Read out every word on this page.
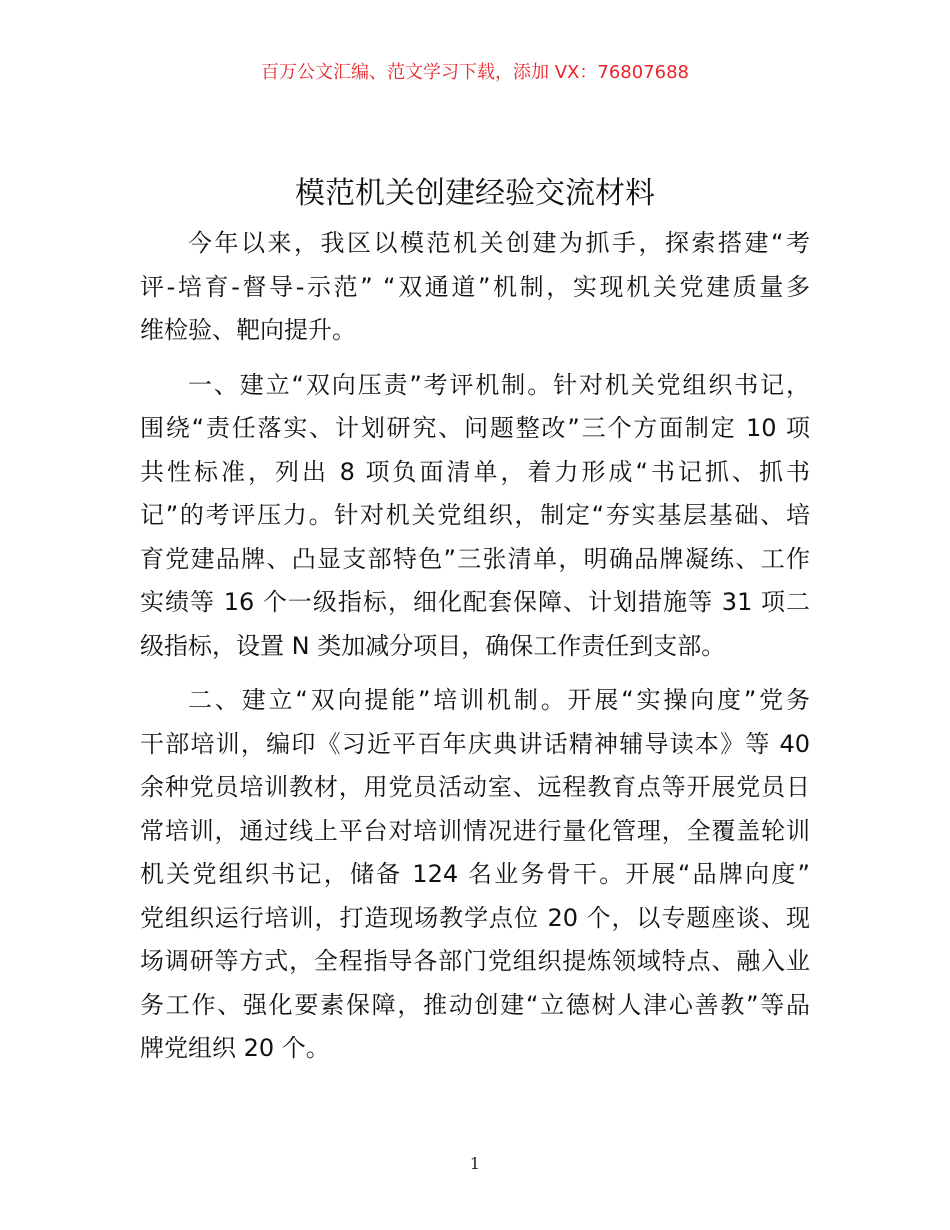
百万公文汇编、范文学习下载，添加 VX：76807688
模范机关创建经验交流材料
今年以来，我区以模范机关创建为抓手，探索搭建“考
评-培育-督导-示范” “双通道”机制，实现机关党建质量多
维检验、靶向提升。
一、建立“双向压责”考评机制。针对机关党组织书记，
围绕“责任落实、计划研究、问题整改”三个方面制定 10 项
共性标准，列出 8 项负面清单，着力形成“书记抓、抓书
记”的考评压力。针对机关党组织，制定“夯实基层基础、培
育党建品牌、凸显支部特色”三张清单，明确品牌凝练、工作
实绩等 16 个一级指标，细化配套保障、计划措施等 31 项二
级指标，设置 N 类加减分项目，确保工作责任到支部。
二、建立“双向提能”培训机制。开展“实操向度”党务
干部培训，编印《习近平百年庆典讲话精神辅导读本》等 40
余种党员培训教材，用党员活动室、远程教育点等开展党员日
常培训，通过线上平台对培训情况进行量化管理，全覆盖轮训
机关党组织书记，储备 124 名业务骨干。开展“品牌向度”
党组织运行培训，打造现场教学点位 20 个，以专题座谈、现
场调研等方式，全程指导各部门党组织提炼领域特点、融入业
务工作、强化要素保障，推动创建“立德树人津心善教”等品
牌党组织 20 个。
1
